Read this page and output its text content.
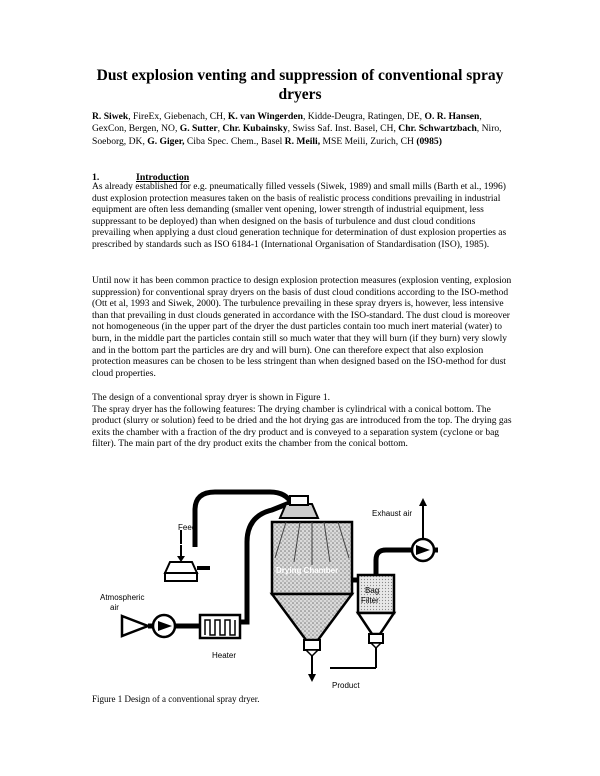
Dust explosion venting and suppression of conventional spray dryers
R. Siwek, FireEx, Giebenach, CH, K. van Wingerden, Kidde-Deugra, Ratingen, DE, O. R. Hansen, GexCon, Bergen, NO, G. Sutter, Chr. Kubainsky, Swiss Saf. Inst. Basel, CH, Chr. Schwartzbach, Niro, Soeborg, DK, G. Giger, Ciba Spec. Chem., Basel R. Meili, MSE Meili, Zurich, CH (0985)
1.	Introduction
As already established for e.g. pneumatically filled vessels (Siwek, 1989) and small mills (Barth et al., 1996) dust explosion protection measures taken on the basis of realistic process conditions prevailing in industrial equipment are often less demanding (smaller vent opening, lower strength of industrial equipment, less suppressant to be deployed) than when designed on the basis of turbulence and dust cloud conditions prevailing when applying a dust cloud generation technique for determination of dust explosion properties as prescribed by standards such as ISO 6184-1 (International Organisation of Standardisation (ISO), 1985).
Until now it has been common practice to design explosion protection measures (explosion venting, explosion suppression) for conventional spray dryers on the basis of dust cloud conditions according to the ISO-method (Ott et al, 1993 and Siwek, 2000). The turbulence prevailing in these spray dryers is, however, less intensive than that prevailing in dust clouds generated in accordance with the ISO-standard. The dust cloud is moreover not homogeneous (in the upper part of the dryer the dust particles contain too much inert material (water) to burn, in the middle part the particles contain still so much water that they will burn (if they burn) very slowly and in the bottom part the particles are dry and will burn). One can therefore expect that also explosion protection measures can be chosen to be less stringent than when designed based on the ISO-method for dust cloud properties.
The design of a conventional spray dryer is shown in Figure 1.
The spray dryer has the following features: The drying chamber is cylindrical with a conical bottom. The product (slurry or solution) feed to be dried and the hot drying gas are introduced from the top. The drying gas exits the chamber with a fraction of the dry product and is conveyed to a separation system (cyclone or bag filter). The main part of the dry product exits the chamber from the conical bottom.
Feed
Drying Chamber
Bag
Filter
Exhaust air
Atmospheric
air
Heater
Product
Figure 1 Design of a conventional spray dryer.
